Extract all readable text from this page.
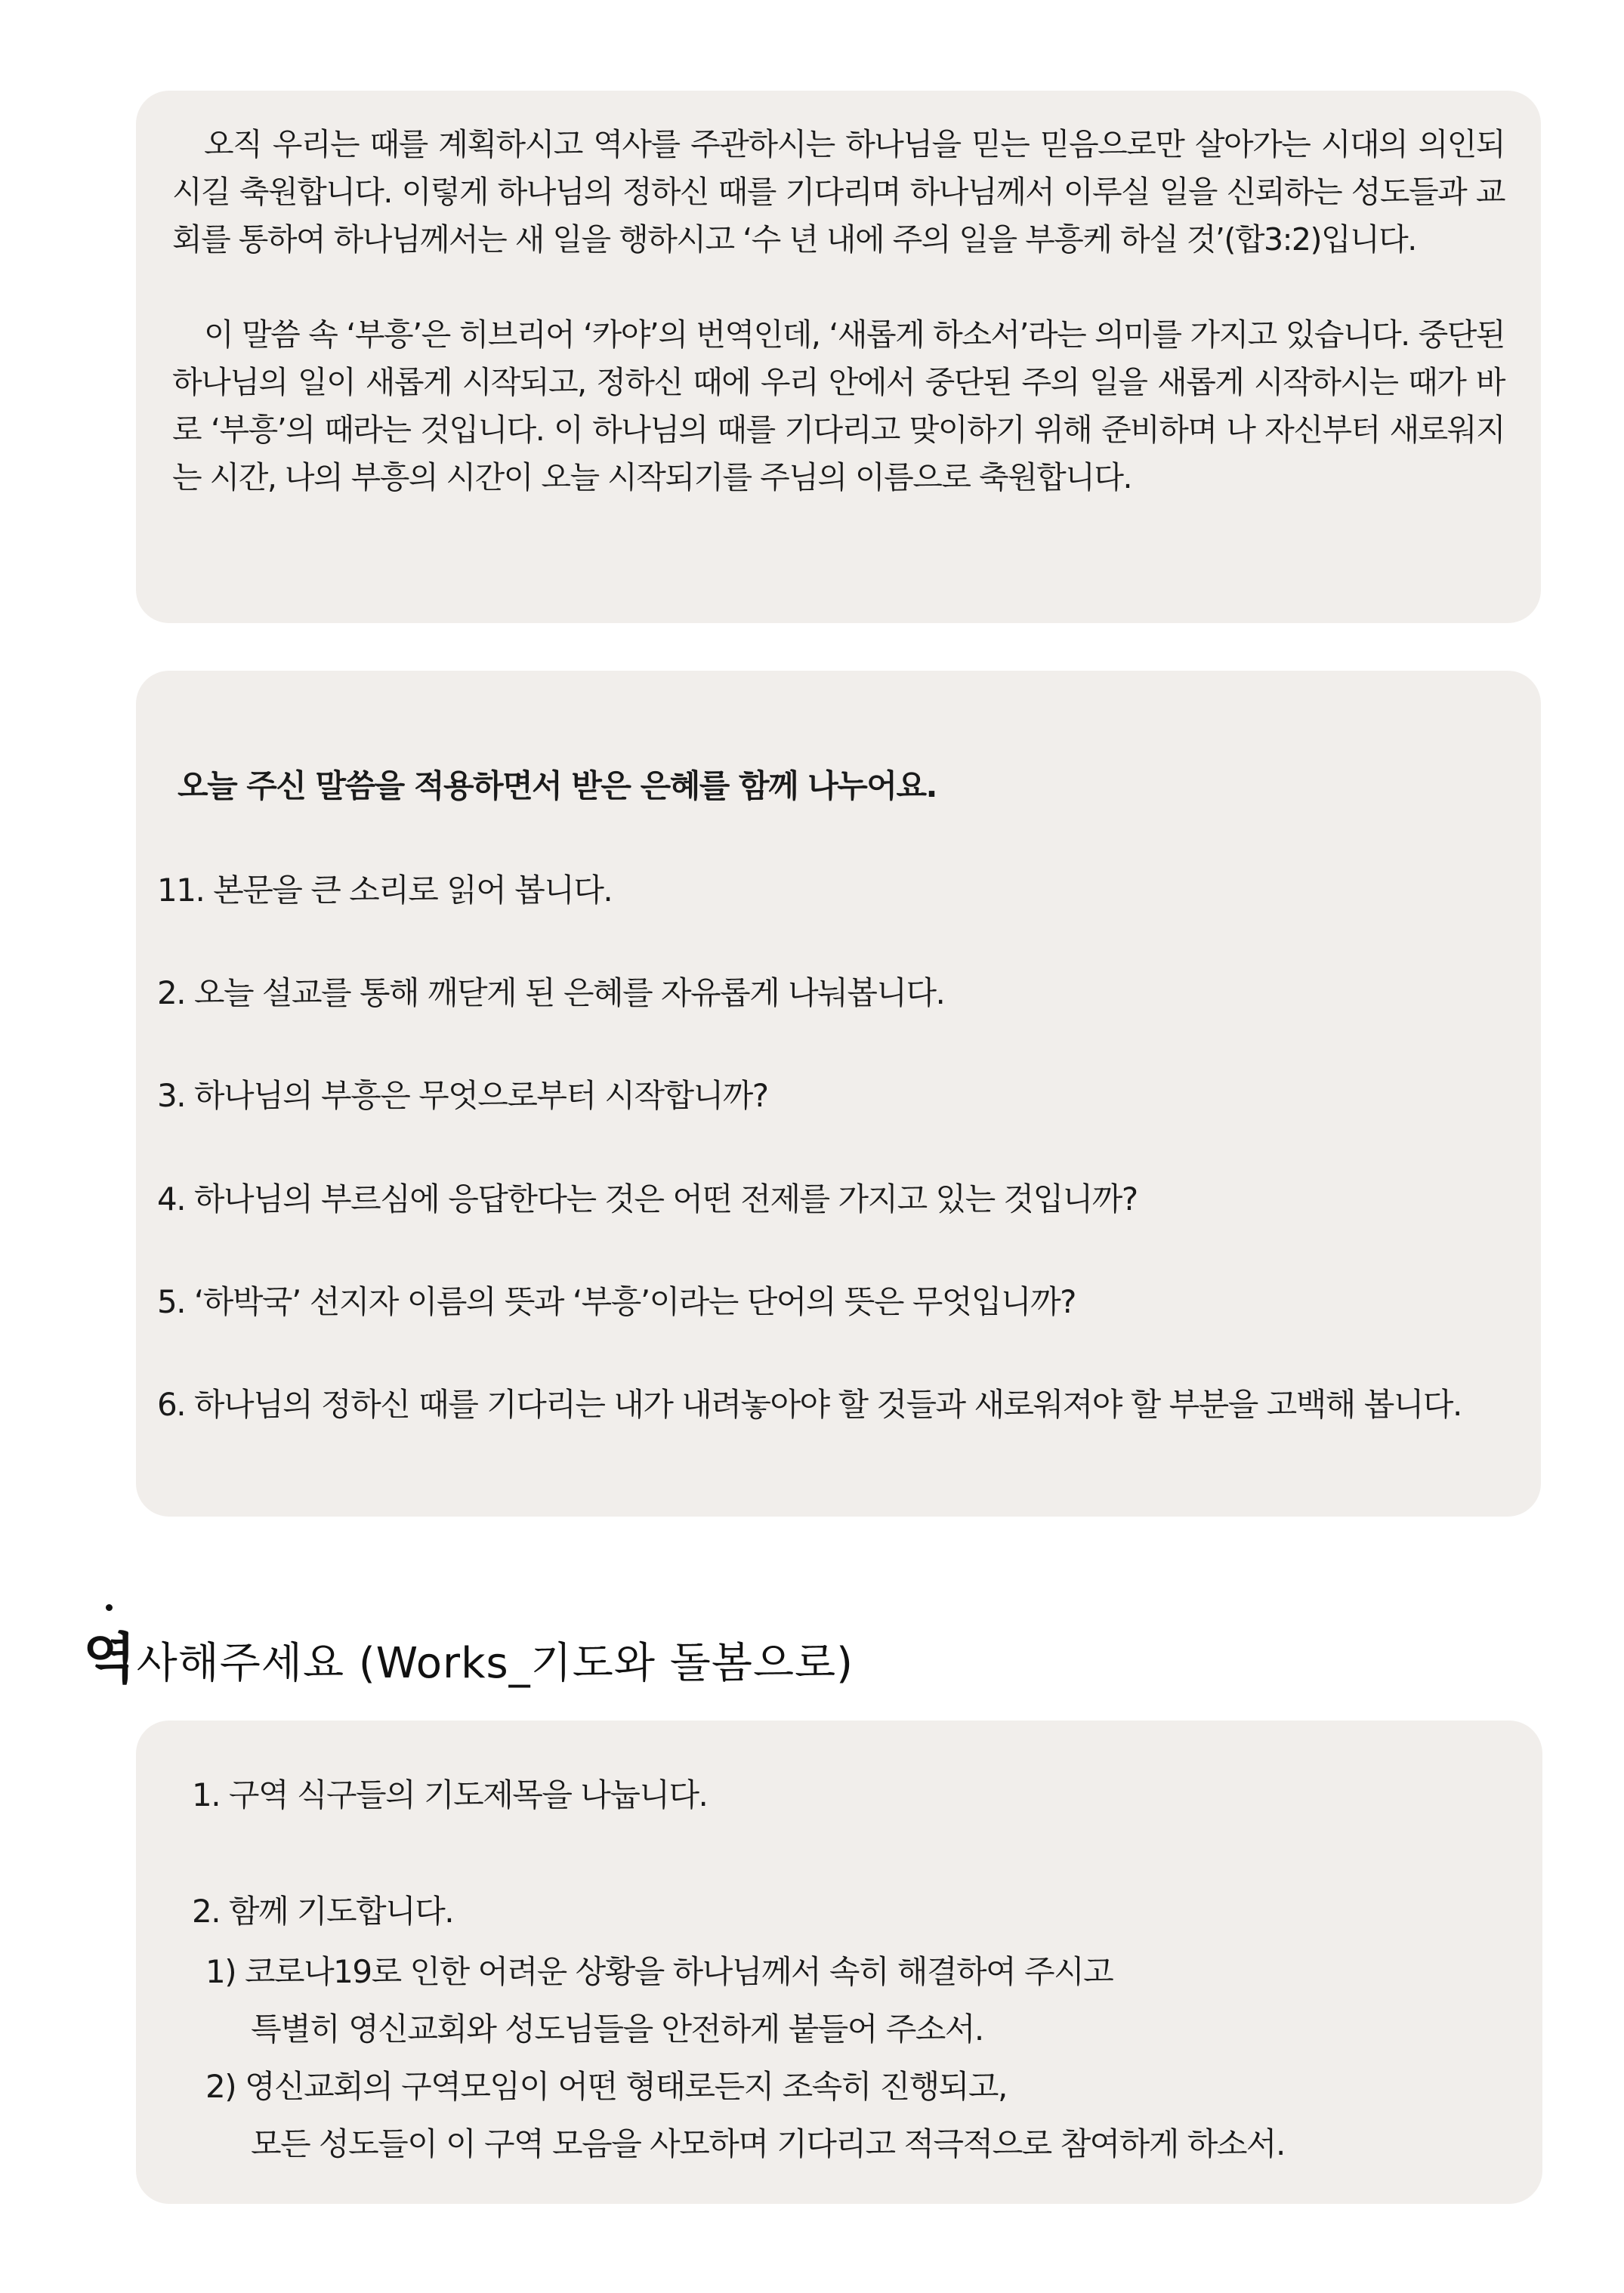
오직 우리는 때를 계획하시고 역사를 주관하시는 하나님을 믿는 믿음으로만 살아가는 시대의 의인되시길 축원합니다. 이렇게 하나님의 정하신 때를 기다리며 하나님께서 이루실 일을 신뢰하는 성도들과 교회를 통하여 하나님께서는 새 일을 행하시고 ‘수 년 내에 주의 일을 부흥케 하실 것’(합3:2)입니다.

이 말씀 속 ‘부흥’은 히브리어 ‘카야’의 번역인데, ‘새롭게 하소서’라는 의미를 가지고 있습니다. 중단된 하나님의 일이 새롭게 시작되고, 정하신 때에 우리 안에서 중단된 주의 일을 새롭게 시작하시는 때가 바로 ‘부흥’의 때라는 것입니다. 이 하나님의 때를 기다리고 맞이하기 위해 준비하며 나 자신부터 새로워지는 시간, 나의 부흥의 시간이 오늘 시작되기를 주님의 이름으로 축원합니다.

오늘 주신 말씀을 적용하면서 받은 은혜를 함께 나누어요.

11. 본문을 큰 소리로 읽어 봅니다.

2. 오늘 설교를 통해 깨닫게 된 은혜를 자유롭게 나눠봅니다.

3. 하나님의 부흥은 무엇으로부터 시작합니까?

4. 하나님의 부르심에 응답한다는 것은 어떤 전제를 가지고 있는 것입니까?

5. ‘하박국’ 선지자 이름의 뜻과 ‘부흥’이라는 단어의 뜻은 무엇입니까?

6. 하나님의 정하신 때를 기다리는 내가 내려놓아야 할 것들과 새로워져야 할 부분을 고백해 봅니다.

역사해주세요 (Works_기도와 돌봄으로)

1. 구역 식구들의 기도제목을 나눕니다.

2. 함께 기도합니다.

1) 코로나19로 인한 어려운 상황을 하나님께서 속히 해결하여 주시고

특별히 영신교회와 성도님들을 안전하게 붙들어 주소서.

2) 영신교회의 구역모임이 어떤 형태로든지 조속히 진행되고,

모든 성도들이 이 구역 모음을 사모하며 기다리고 적극적으로 참여하게 하소서.
